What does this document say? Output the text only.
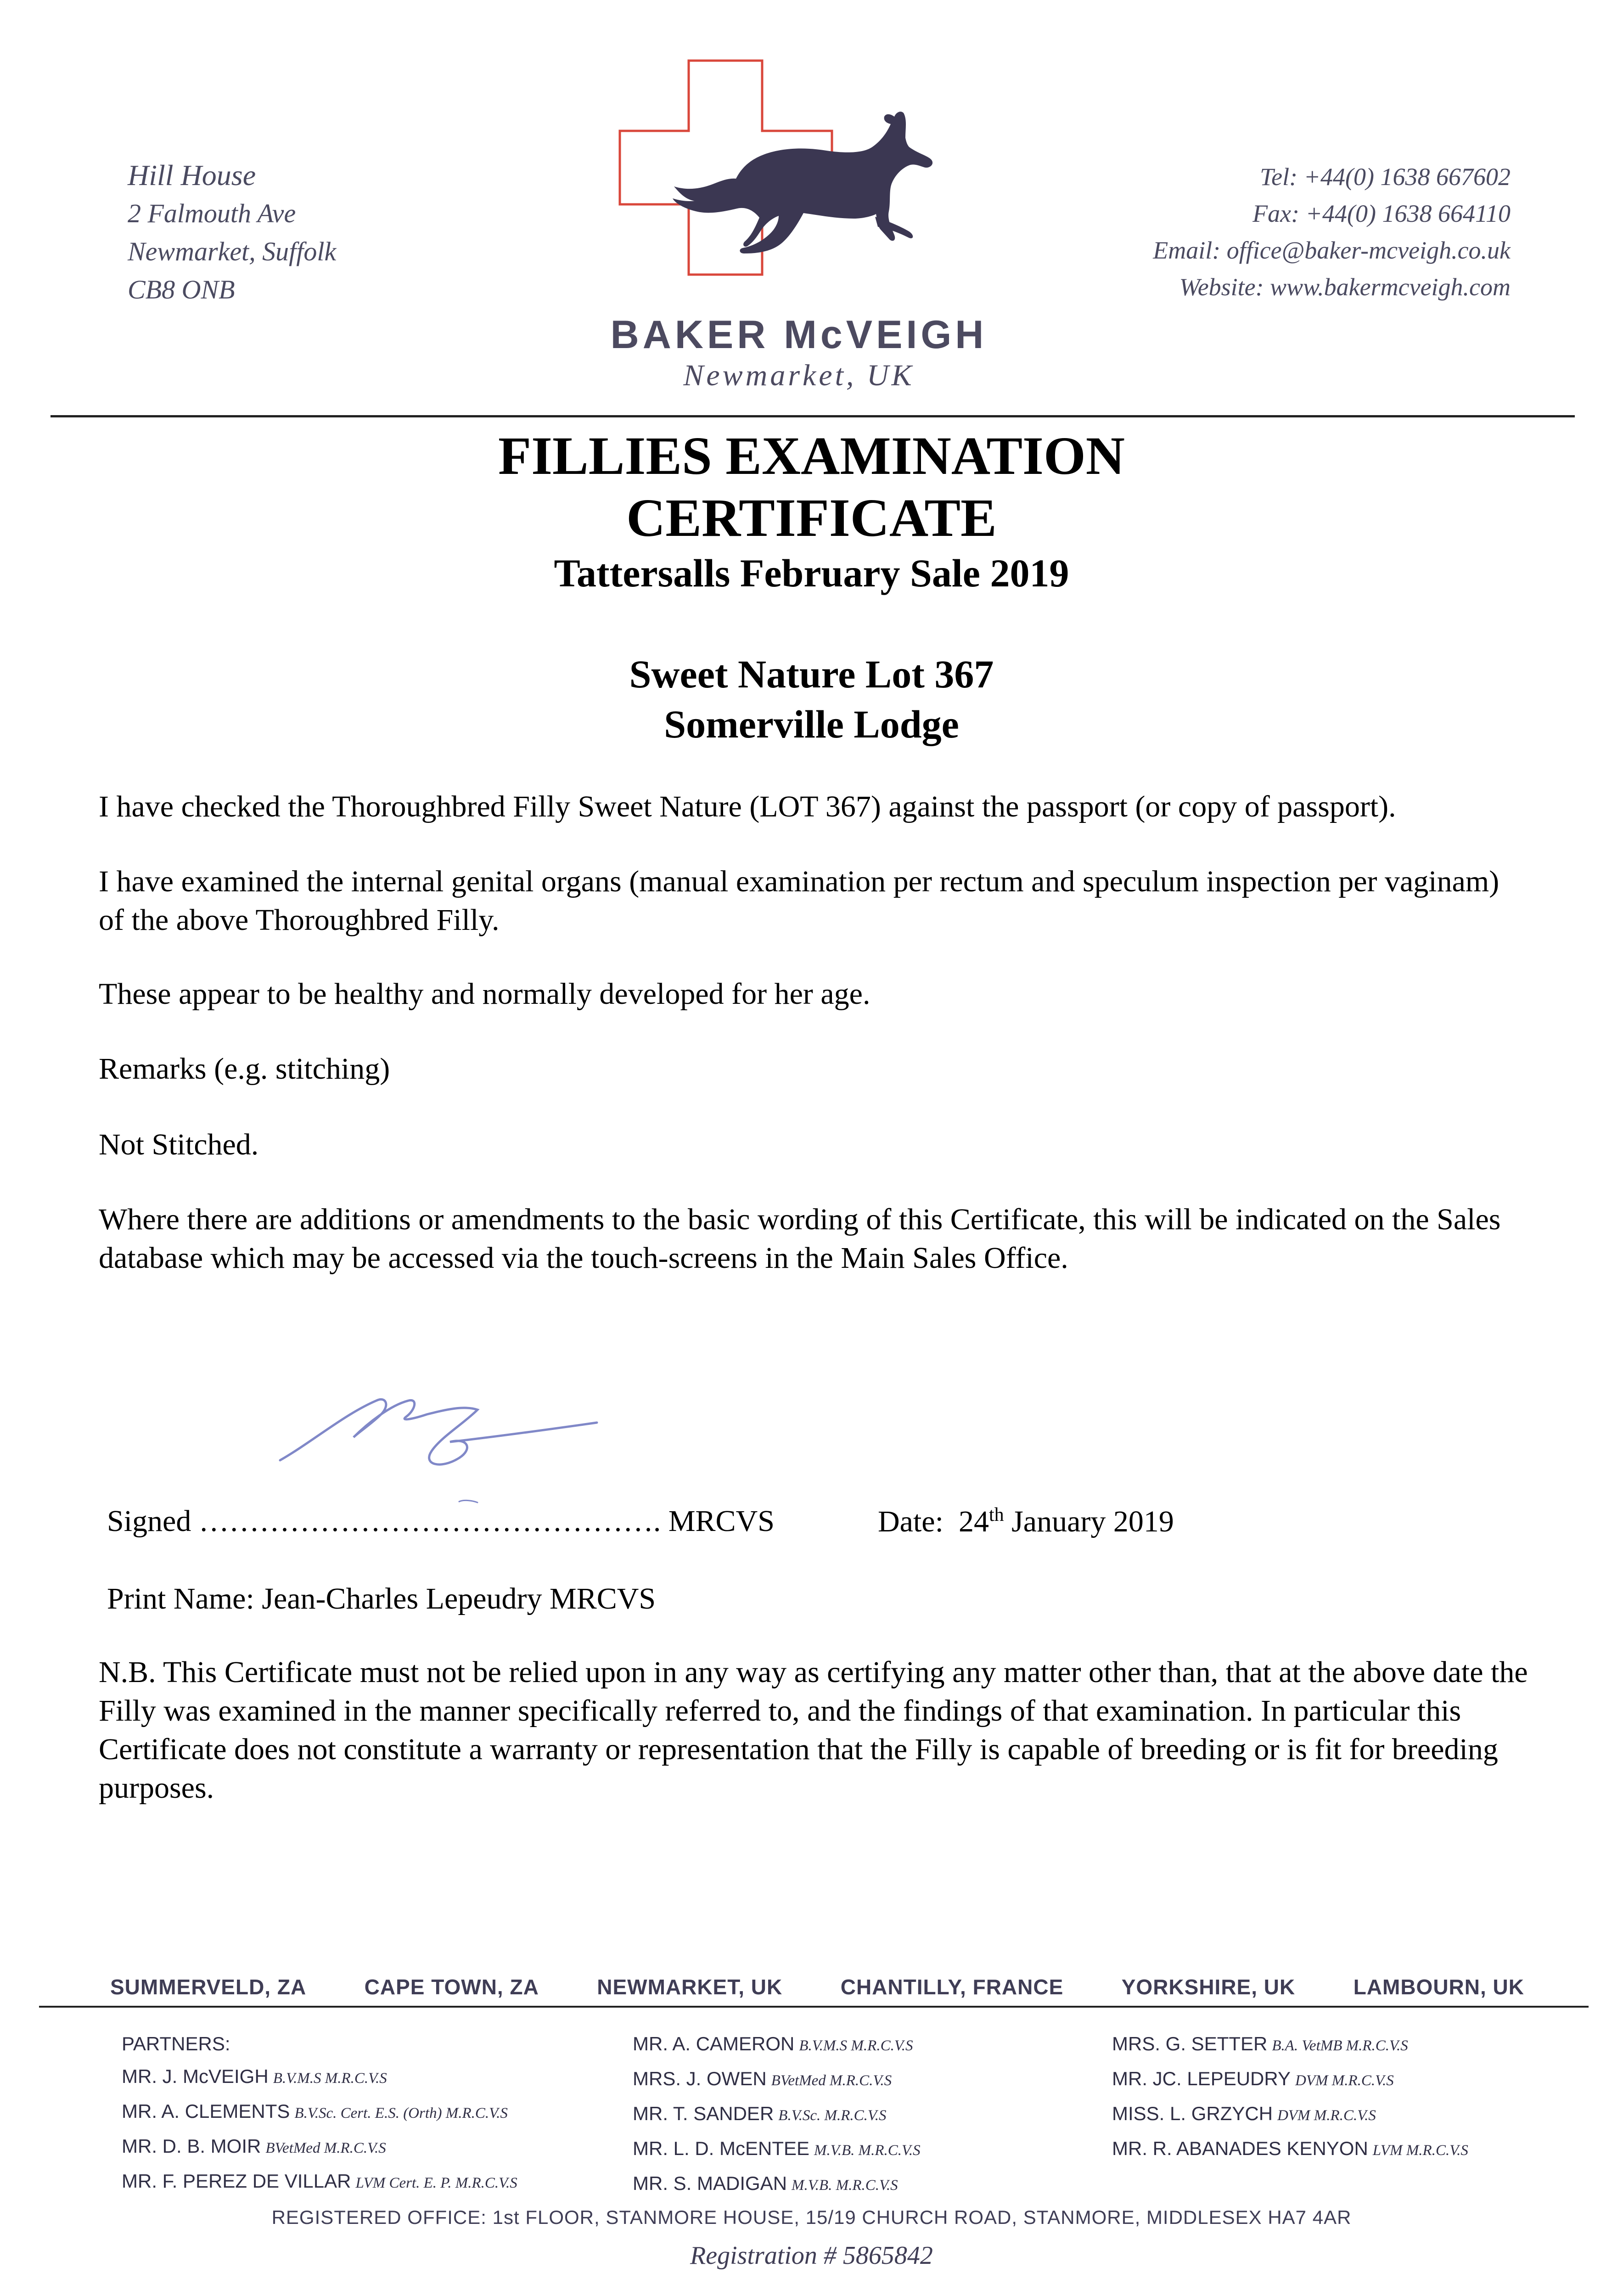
Hill House
2 Falmouth Ave
Newmarket, Suffolk
CB8 ONB
BAKER McVEIGH
Newmarket, UK
Tel: +44(0) 1638 667602
Fax: +44(0) 1638 664110
Email: office@baker-mcveigh.co.uk
Website: www.bakermcveigh.com
FILLIES EXAMINATION
CERTIFICATE
Tattersalls February Sale 2019
Sweet Nature Lot 367
Somerville Lodge
I have checked the Thoroughbred Filly Sweet Nature (LOT 367) against the passport (or copy of passport).
I have examined the internal genital organs (manual examination per rectum and speculum inspection per vaginam) of the above Thoroughbred Filly.
These appear to be healthy and normally developed for her age.
Remarks (e.g. stitching)
Not Stitched.
Where there are additions or amendments to the basic wording of this Certificate, this will be indicated on the Sales database which may be accessed via the touch-screens in the Main Sales Office.
Signed ………………………………………. MRCVS	Date: 24th January 2019
Print Name: Jean-Charles Lepeudry MRCVS
N.B. This Certificate must not be relied upon in any way as certifying any matter other than, that at the above date the Filly was examined in the manner specifically referred to, and the findings of that examination. In particular this Certificate does not constitute a warranty or representation that the Filly is capable of breeding or is fit for breeding purposes.
SUMMERVELD, ZA	CAPE TOWN, ZA	NEWMARKET, UK	CHANTILLY, FRANCE	YORKSHIRE, UK	LAMBOURN, UK
PARTNERS:
MR. J. McVEIGH B.V.M.S M.R.C.V.S
MR. A. CLEMENTS B.V.Sc. Cert. E.S. (Orth) M.R.C.V.S
MR. D. B. MOIR BVetMed M.R.C.V.S
MR. F. PEREZ DE VILLAR LVM Cert. E. P. M.R.C.V.S
MR. A. CAMERON B.V.M.S M.R.C.V.S
MRS. J. OWEN BVetMed M.R.C.V.S
MR. T. SANDER B.V.Sc. M.R.C.V.S
MR. L. D. McENTEE M.V.B. M.R.C.V.S
MR. S. MADIGAN M.V.B. M.R.C.V.S
MRS. G. SETTER B.A. VetMB M.R.C.V.S
MR. JC. LEPEUDRY DVM M.R.C.V.S
MISS. L. GRZYCH DVM M.R.C.V.S
MR. R. ABANADES KENYON LVM M.R.C.V.S
REGISTERED OFFICE: 1st FLOOR, STANMORE HOUSE, 15/19 CHURCH ROAD, STANMORE, MIDDLESEX HA7 4AR
Registration # 5865842
